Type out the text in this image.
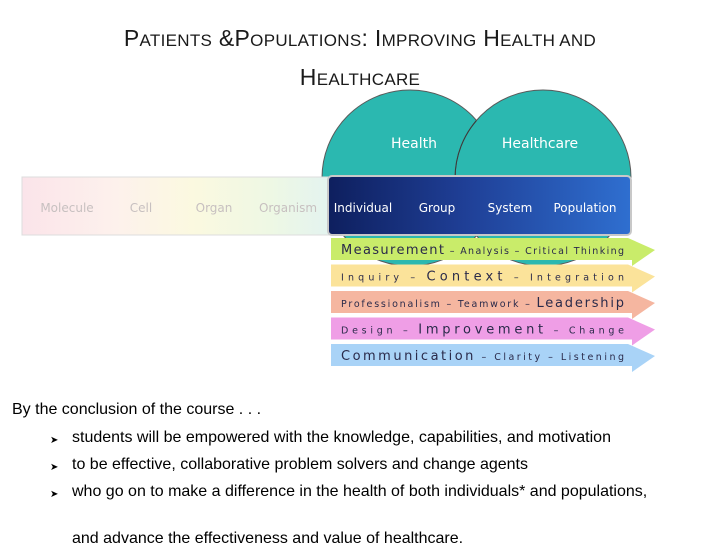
PATIENTS &POPULATIONS: IMPROVING HEALTH AND
HEALTHCARE
Health	Healthcare
Molecule	Cell	Organ Organism Individual Group	System Population
Measurement – Analysis – Critical Thinking
Inquiry – Context – Integration
Professionalism – Teamwork – Leadership
Design – Improvement – Change
Communication – Clarity – Listening
By the conclusion of the course . . .
➤ students will be empowered with the knowledge, capabilities, and motivation
➤ to be effective, collaborative problem solvers and change agents
➤ who go on to make a difference in the health of both individuals* and populations,
and advance the effectiveness and value of healthcare.
